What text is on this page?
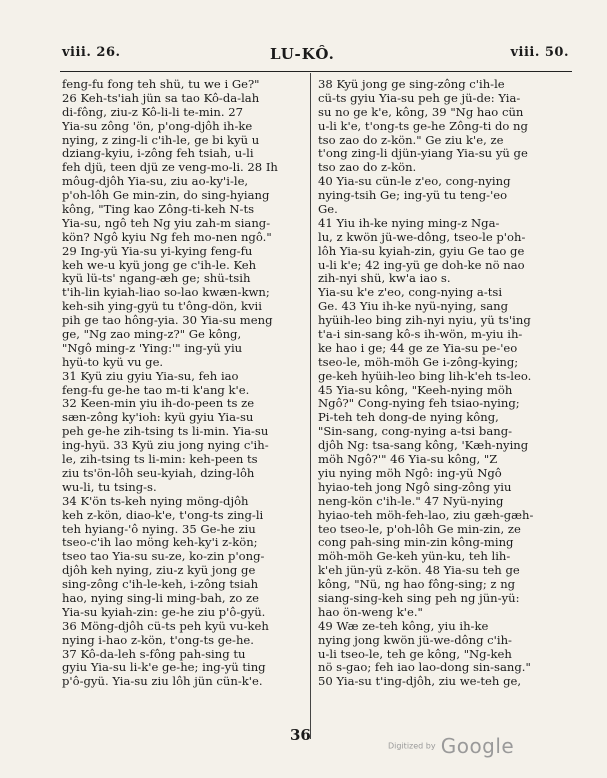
viii. 26.	LU-KÔ.	viii. 50.
feng-fu fong teh shü, tu we i Ge?"
26 Keh-ts'iah jün sa tao Kô-da-lah
di-fông, ziu-z Kô-li-li te-min. 27
Yia-su zông 'ön, p'ong-djôh ih-ke
nying, z zing-li c'ih-le, ge bi kyü u
dziang-kyiu, i-zông feh tsiah, u-li
feh djü, teen djü ze veng-mo-li. 28 Ih
môug-djôh Yia-su, ziu ao-ky'i-le,
p'oh-lôh Ge min-zin, do sing-hyiang
kông, "Ting kao Zông-ti-keh N-ts
Yia-su, ngô teh Ng yiu zah-m siang-
kön? Ngô kyiu Ng feh mo-nen ngô."
29 Ing-yü Yia-su yi-kying feng-fu
keh we-u kyü jong ge c'ih-le. Keh
kyü lü-ts' ngang-æh ge; shü-tsih
t'ih-lin kyiah-liao so-lao kwæn-kwn;
keh-sih ying-gyü tu t'ông-dön, kvii
pih ge tao hông-yia. 30 Yia-su meng
ge, "Ng zao ming-z?" Ge kông,
"Ngô ming-z 'Ying:'" ing-yü yiu
hyü-to kyü vu ge.
31 Kyü ziu gyiu Yia-su, feh iao
feng-fu ge-he tao m-ti k'ang k'e.
32 Keen-min yiu ih-do-peen ts ze
sæn-zông ky'ioh: kyü gyiu Yia-su
peh ge-he zih-tsing ts li-min. Yia-su
ing-hyü. 33 Kyü ziu jong nying c'ih-
le, zih-tsing ts li-min: keh-peen ts
ziu ts'ön-lôh seu-kyiah, dzing-lôh
wu-li, tu tsing-s.
34 K'ön ts-keh nying möng-djôh
keh z-kön, diao-k'e, t'ong-ts zing-li
teh hyiang-'ô nying. 35 Ge-he ziu
tseo-c'ih lao möng keh-ky'i z-kön;
tseo tao Yia-su su-ze, ko-zin p'ong-
djôh keh nying, ziu-z kyü jong ge
sing-zông c'ih-le-keh, i-zông tsiah
hao, nying sing-li ming-bah, zo ze
Yia-su kyiah-zin: ge-he ziu p'ô-gyü.
36 Möng-djôh cü-ts peh kyü vu-keh
nying i-hao z-kön, t'ong-ts ge-he.
37 Kô-da-leh s-fông pah-sing tu
gyiu Yia-su li-k'e ge-he; ing-yü ting
p'ô-gyü. Yia-su ziu lôh jün cün-k'e.
38 Kyü jong ge sing-zông c'ih-le
cü-ts gyiu Yia-su peh ge jü-de: Yia-
su no ge k'e, kông, 39 "Ng hao cün
u-li k'e, t'ong-ts ge-he Zông-ti do ng
tso zao do z-kön." Ge ziu k'e, ze
t'ong zing-li djün-yiang Yia-su yü ge
tso zao do z-kön.
40 Yia-su cün-le z'eo, cong-nying
nying-tsih Ge; ing-yü tu teng-'eo
Ge.
41 Yiu ih-ke nying ming-z Nga-
lu, z kwön jü-we-dông, tseo-le p'oh-
lôh Yia-su kyiah-zin, gyiu Ge tao ge
u-li k'e; 42 ing-yü ge doh-ke nö nao
zih-nyi shü, kw'a iao s.
Yia-su k'e z'eo, cong-nying a-tsi
Ge. 43 Yiu ih-ke nyü-nying, sang
hyüih-leo bing zih-nyi nyiu, yü ts'ing
t'a-i sin-sang kô-s ih-wön, m-yiu ih-
ke hao i ge; 44 ge ze Yia-su pe-'eo
tseo-le, möh-möh Ge i-zông-kying;
ge-keh hyüih-leo bing lih-k'eh ts-leo.
45 Yia-su kông, "Keeh-nying möh
Ngô?" Cong-nying feh tsiao-nying;
Pi-teh teh dong-de nying kông,
"Sin-sang, cong-nying a-tsi bang-
djôh Ng: tsa-sang kông, 'Kæh-nying
möh Ngô?'" 46 Yia-su kông, "Z
yiu nying möh Ngô: ing-yü Ngô
hyiao-teh jong Ngô sing-zông yiu
neng-kön c'ih-le." 47 Nyü-nying
hyiao-teh möh-feh-lao, ziu gæh-gæh-
teo tseo-le, p'oh-lôh Ge min-zin, ze
cong pah-sing min-zin kông-ming
möh-möh Ge-keh yün-ku, teh lih-
k'eh jün-yü z-kön. 48 Yia-su teh ge
kông, "Nü, ng hao fông-sing; z ng
siang-sing-keh sing peh ng jün-yü:
hao ön-weng k'e."
49 Wæ ze-teh kông, yiu ih-ke
nying jong kwön jü-we-dông c'ih-
u-li tseo-le, teh ge kông, "Ng-keh
nö s-gao; feh iao lao-dong sin-sang."
50 Yia-su t'ing-djôh, ziu we-teh ge,
36
Digitized by Google
